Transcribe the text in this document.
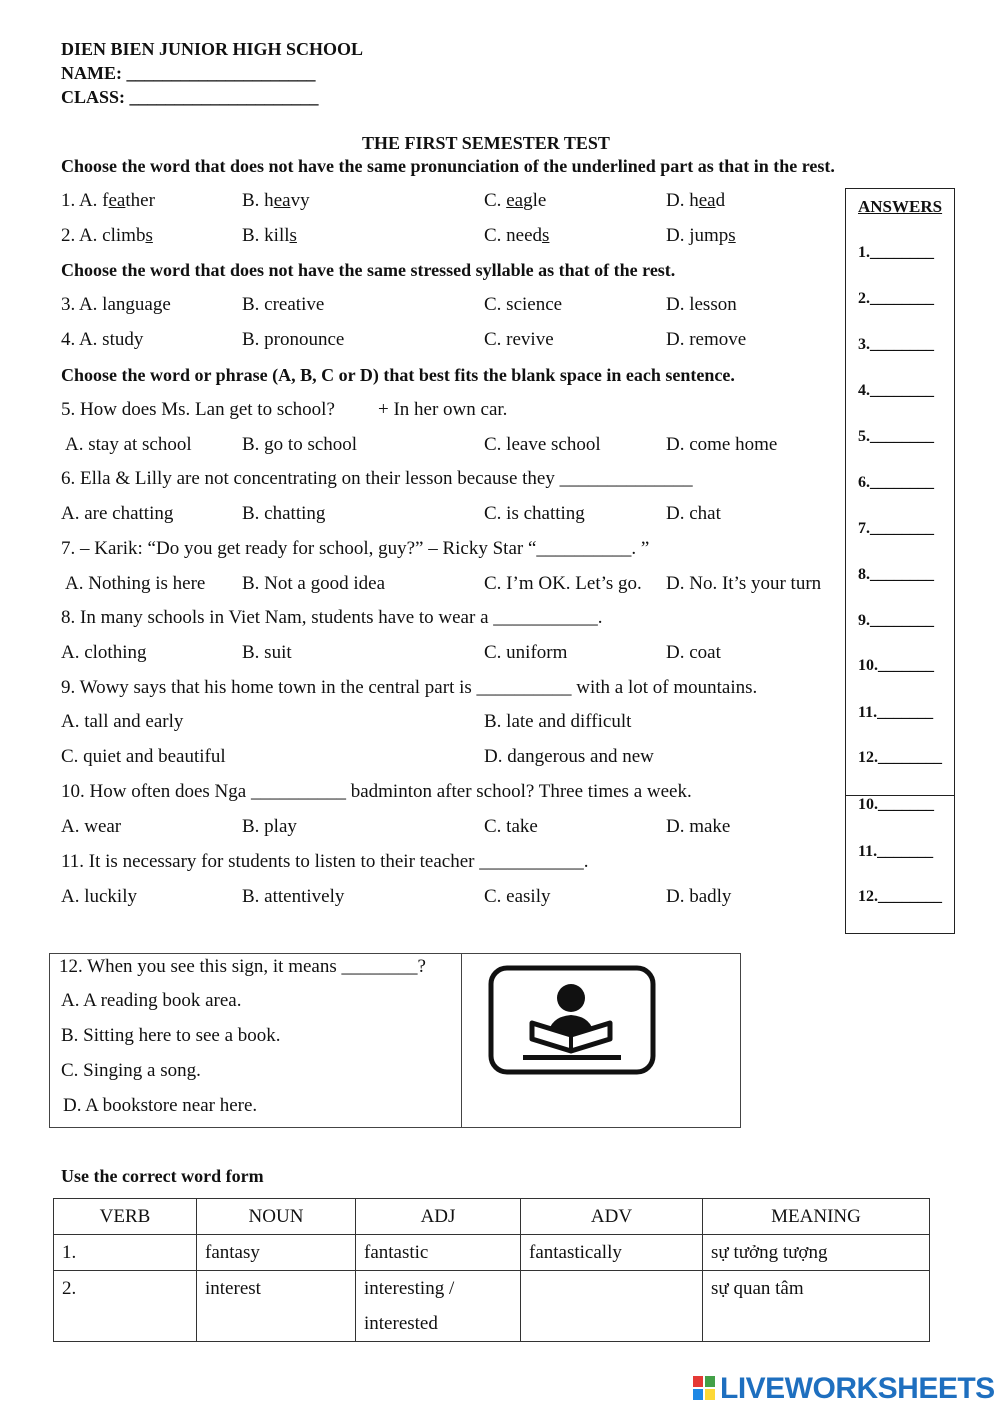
DIEN BIEN JUNIOR HIGH SCHOOL
NAME: _____________________
CLASS: _____________________
THE FIRST SEMESTER TEST
Choose the word that does not have the same pronunciation of the underlined part as that in the rest.
1. A. feather	B. heavy	C. eagle	D. head
2. A. climbs	B. kills	C. needs	D. jumps
Choose the word that does not have the same stressed syllable as that of the rest.
3. A. language	B. creative	C. science	D. lesson
4. A. study	B. pronounce	C. revive	D. remove
Choose the word or phrase (A, B, C or D) that best fits the blank space in each sentence.
5. How does Ms. Lan get to school? + In her own car.
A. stay at school	B. go to school	C. leave school	D. come home
6. Ella & Lilly are not concentrating on their lesson because they ______________
A. are chatting	B. chatting	C. is chatting	D. chat
7. – Karik: “Do you get ready for school, guy?” – Ricky Star “__________. ”
A. Nothing is here B. Not a good idea	C. I’m OK. Let’s go. D. No. It’s your turn
8. In many schools in Viet Nam, students have to wear a ___________.
A. clothing	B. suit	C. uniform	D. coat
9. Wowy says that his home town in the central part is __________ with a lot of mountains.
A. tall and early	B. late and difficult
C. quiet and beautiful	D. dangerous and new
10. How often does Nga __________ badminton after school? Three times a week.
A. wear	B. play	C. take	D. make
11. It is necessary for students to listen to their teacher ___________.
A. luckily	B. attentively	C. easily	D. badly
ANSWERS
1.________
2.________
3.________
4.________
5.________
6.________
7.________
8.________
9.________
10._______
11._______
12.________
10._______
11._______
12.________
12. When you see this sign, it means ________?
A. A reading book area.
B. Sitting here to see a book.
C. Singing a song.
D. A bookstore near here.
Use the correct word form
VERB	NOUN	ADJ	ADV	MEANING
1.	fantasy	fantastic	fantastically	sự tưởng tượng
2.	interest	interesting /
interested		sự quan tâm
LIVEWORKSHEETS
